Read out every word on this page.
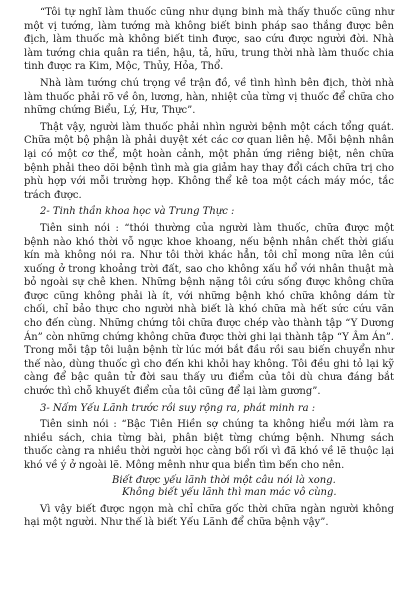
“Tôi tự nghĩ làm thuốc cũng như dụng binh mà thấy thuốc cũng như một vị tướng, làm tướng mà không biết binh pháp sao thắng được bên địch, làm thuốc mà không biết tinh được, sao cứu được người đời. Nhà làm tướng chia quân ra tiền, hậu, tả, hữu, trung thời nhà làm thuốc chia tinh được ra Kim, Mộc, Thủy, Hỏa, Thổ.

Nhà làm tướng chú trọng về trận đồ, về tình hình bên địch, thời nhà làm thuốc phải rõ về ôn, lương, hàn, nhiệt của từng vị thuốc để chữa cho những chứng Biểu, Lý, Hư, Thực”.

Thật vậy, người làm thuốc phải nhìn người bệnh một cách tổng quát. Chữa một bộ phận là phải duyệt xét các cơ quan liên hệ. Mỗi bệnh nhân lại có một cơ thể, một hoàn cảnh, một phản ứng riêng biệt, nên chữa bệnh phải theo dõi bệnh tình mà gia giảm hay thay đổi cách chữa trị cho phù hợp với mỗi trường hợp. Không thể kê toa một cách máy móc, tắc trách được.

2- Tinh thần khoa học và Trung Thực :

Tiên sinh nói : “thói thường của người làm thuốc, chữa được một bệnh nào khó thời vỗ ngực khoe khoang, nếu bệnh nhân chết thời giấu kín mà không nói ra. Như tôi thời khác hẳn, tôi chỉ mong nữa lên cúi xuống ở trong khoảng trời đất, sao cho không xấu hổ với nhân thuật mà bỏ ngoài sự chê khen. Những bệnh nặng tôi cứu sống được không chữa được cũng không phải là ít, với những bệnh khó chữa không dám từ chối, chỉ bảo thực cho người nhà biết là khó chữa mà hết sức cứu vãn cho đến cùng. Những chứng tôi chữa được chép vào thành tập “Y Dương Án” còn những chứng không chữa được thời ghi lại thành tập “Y Âm Án”. Trong mỗi tập tôi luận bệnh từ lúc mới bắt đầu rồi sau biến chuyển như thế nào, dùng thuốc gì cho đến khi khỏi hay không. Tôi đều ghi tỏ lại kỹ càng để bậc quân tử đời sau thấy ưu điểm của tôi dù chưa đáng bắt chước thì chỗ khuyết điểm của tôi cũng để lại làm gương”.

3- Nấm Yếu Lãnh trước rồi suy rộng ra, phát minh ra :

Tiên sinh nói : “Bậc Tiên Hiền sợ chúng ta không hiểu mới làm ra nhiều sách, chia từng bài, phân biệt từng chứng bệnh. Nhưng sách thuốc càng ra nhiều thời người học càng bối rối vì đã khó về lẽ thuộc lại khó về ý ở ngoài lẽ. Mông mênh như qua biển tìm bến cho nên.

Biết được yếu lãnh thời một câu nói là xong.
Không biết yếu lãnh thì man mác vô cùng.

Vì vậy biết được ngọn mà chỉ chữa gốc thời chữa ngàn người không hại một người. Như thế là biết Yếu Lãnh để chữa bệnh vậy”.
